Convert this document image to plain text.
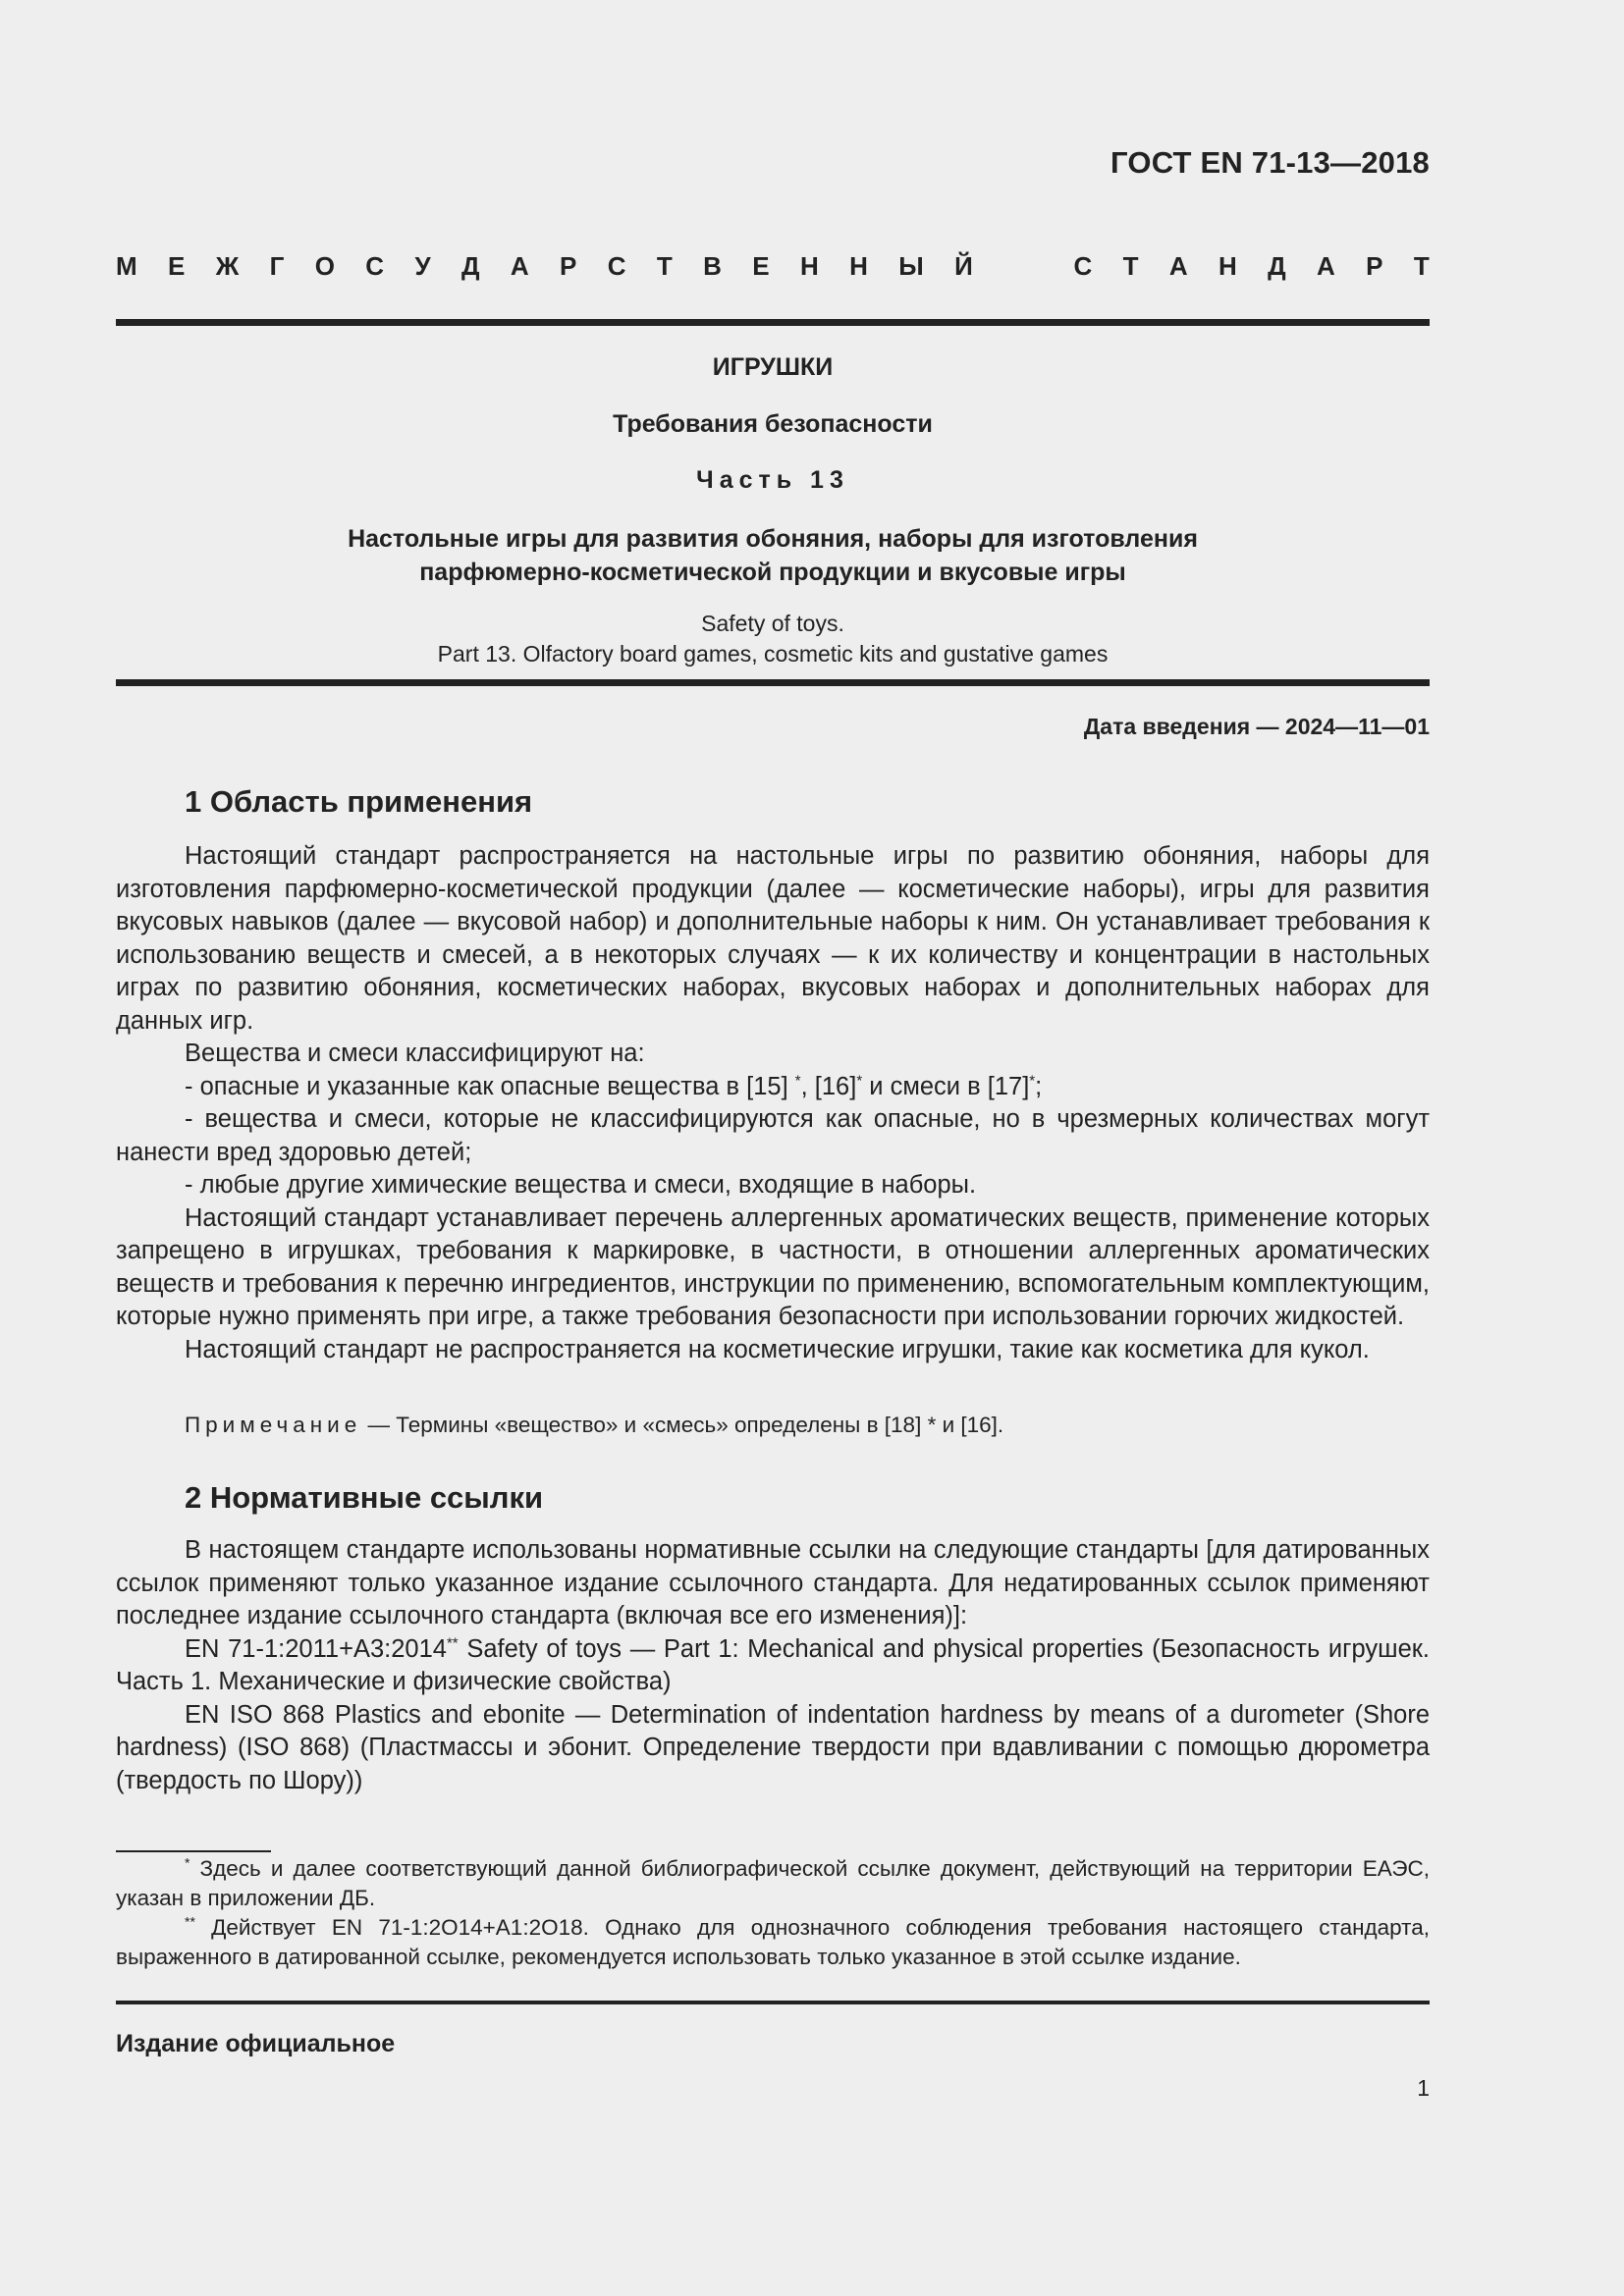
ГОСТ EN 71-13—2018
М Е Ж Г О С У Д А Р С Т В Е Н Н Ы Й	С Т А Н Д А Р Т
ИГРУШКИ
Требования безопасности
Часть 13
Настольные игры для развития обоняния, наборы для изготовления
парфюмерно-косметической продукции и вкусовые игры
Safety of toys.
Part 13. Olfactory board games, cosmetic kits and gustative games
Дата введения — 2024—11—01
1 Область применения

Настоящий стандарт распространяется на настольные игры по развитию обоняния, наборы для изготовления парфюмерно-косметической продукции (далее — косметические наборы), игры для развития вкусовых навыков (далее — вкусовой набор) и дополнительные наборы к ним. Он устанавливает требования к использованию веществ и смесей, а в некоторых случаях — к их количеству и концентрации в настольных играх по развитию обоняния, косметических наборах, вкусовых наборах и дополнительных наборах для данных игр.

Вещества и смеси классифицируют на:

- опасные и указанные как опасные вещества в [15] *, [16]* и смеси в [17]*;

- вещества и смеси, которые не классифицируются как опасные, но в чрезмерных количествах могут нанести вред здоровью детей;

- любые другие химические вещества и смеси, входящие в наборы.

Настоящий стандарт устанавливает перечень аллергенных ароматических веществ, применение которых запрещено в игрушках, требования к маркировке, в частности, в отношении аллергенных ароматических веществ и требования к перечню ингредиентов, инструкции по применению, вспомогательным комплектующим, которые нужно применять при игре, а также требования безопасности при использовании горючих жидкостей.

Настоящий стандарт не распространяется на косметические игрушки, такие как косметика для кукол.

Примечание — Термины «вещество» и «смесь» определены в [18] * и [16].
2 Нормативные ссылки

В настоящем стандарте использованы нормативные ссылки на следующие стандарты [для датированных ссылок применяют только указанное издание ссылочного стандарта. Для недатированных ссылок применяют последнее издание ссылочного стандарта (включая все его изменения)]:

EN 71-1:2011+A3:2014** Safety of toys — Part 1: Mechanical and physical properties (Безопасность игрушек. Часть 1. Механические и физические свойства)

EN ISO 868 Plastics and ebonite — Determination of indentation hardness by means of a durometer (Shore hardness) (ISO 868) (Пластмассы и эбонит. Определение твердости при вдавливании с помощью дюрометра (твердость по Шору))

* Здесь и далее соответствующий данной библиографической ссылке документ, действующий на территории ЕАЭС, указан в приложении ДБ.

** Действует EN 71-1:2O14+A1:2O18. Однако для однозначного соблюдения требования настоящего стандарта, выраженного в датированной ссылке, рекомендуется использовать только указанное в этой ссылке издание.

Издание официальное
1
